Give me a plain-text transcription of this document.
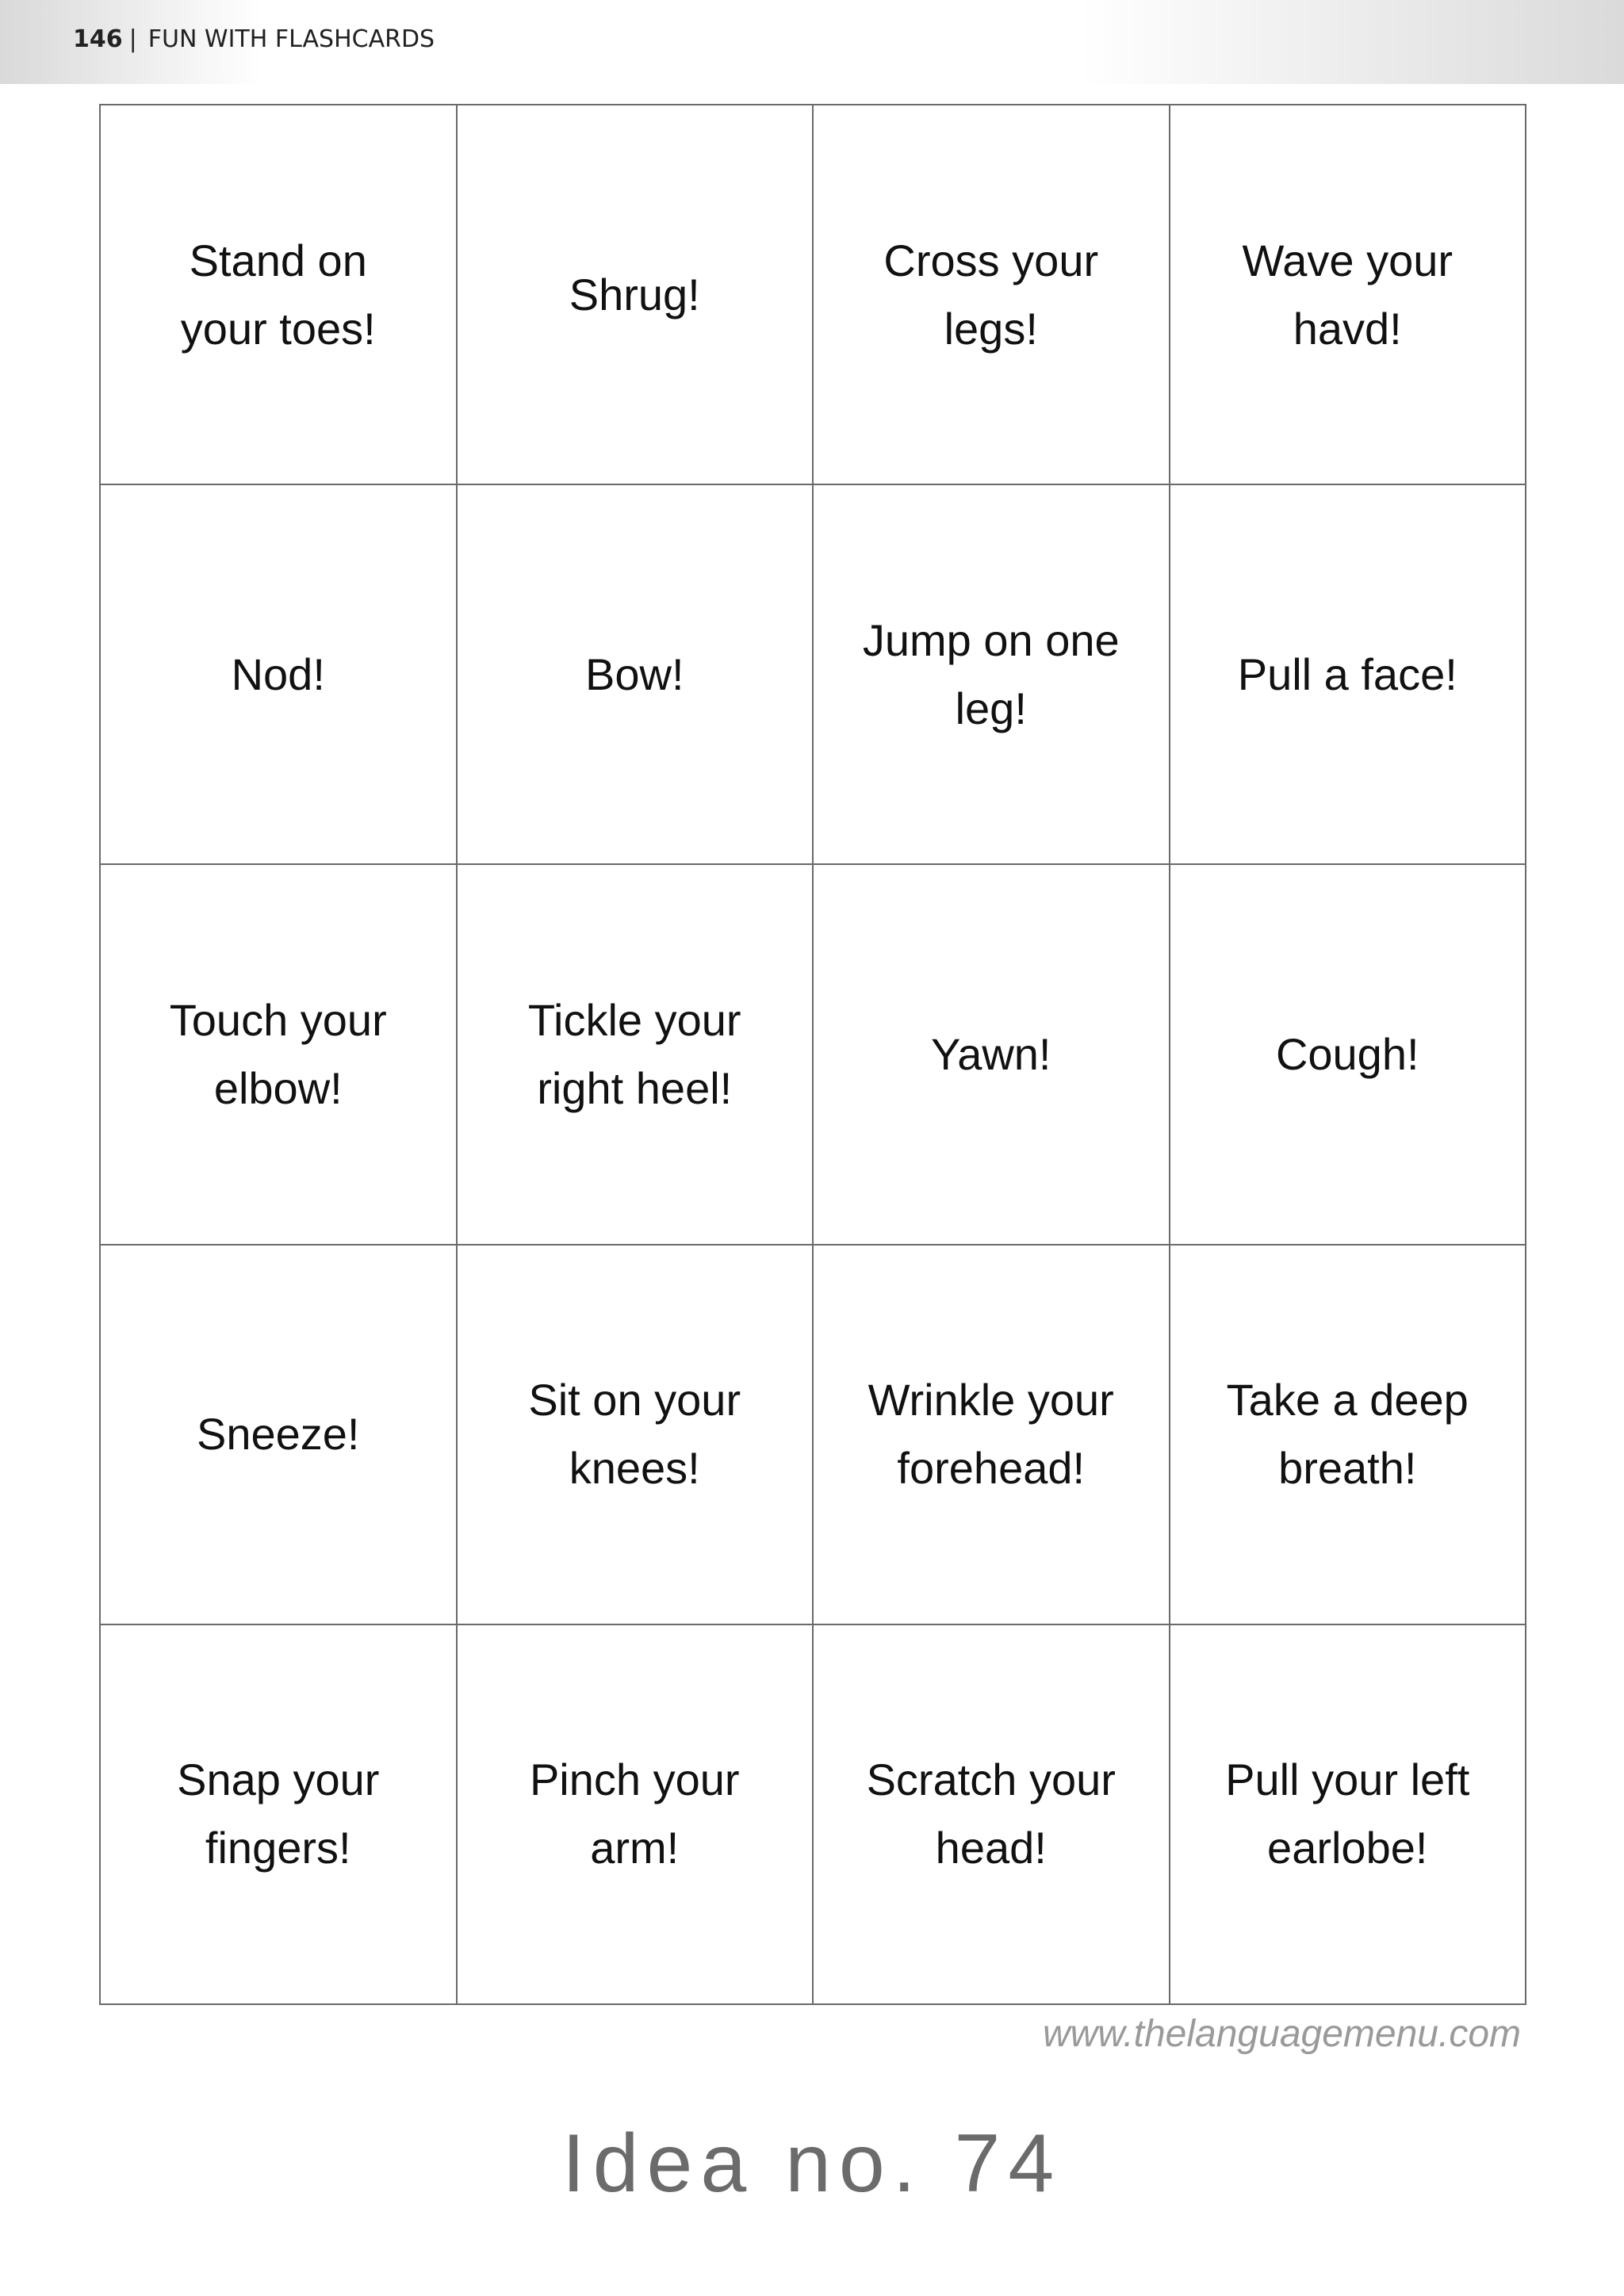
146 | FUN WITH FLASHCARDS
Stand on
your toes!
Shrug!
Cross your
legs!
Wave your
havd!
Nod!	Bow!
Jump on one
leg!
Pull a face!
Touch your
elbow!
Tickle your
right heel!
Yawn!	Cough!
Sneeze!
Sit on your
knees!
Wrinkle your
forehead!
Take a deep
breath!
Snap your
fingers!
Pinch your
arm!
Scratch your
head!
Pull your left
earlobe!
www.thelanguagemenu.com
Idea no. 74
